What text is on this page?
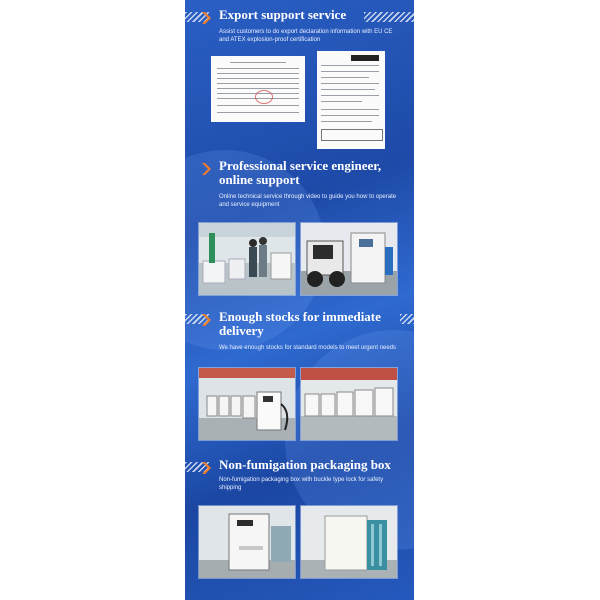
Export support service
Assist customers to do export declaration information with EU CE and ATEX explosion-proof certification
Professional service engineer, online support
Online technical service through video to guide you how to operate and service equipment
Enough stocks for immediate delivery
We have enough stocks for standard models to meet urgent needs
Non-fumigation packaging box
Non-fumigation packaging box with buckle type lock for safety shipping
